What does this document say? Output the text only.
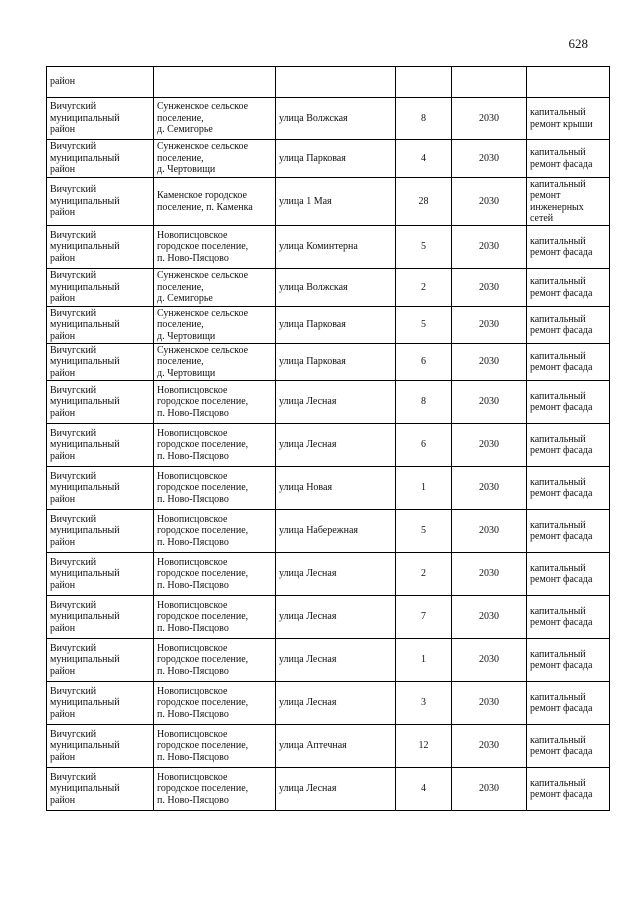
628
район					

Вичугский
муниципальный
район	Сунженское сельское
поселение,
д. Семигорье	улица Волжская	8	2030	капитальный
ремонт крыши

Вичугский
муниципальный
район	Сунженское сельское
поселение,
д. Чертовищи	улица Парковая	4	2030	капитальный
ремонт фасада

Вичугский
муниципальный
район	Каменское городское
поселение, п. Каменка	улица 1 Мая	28	2030	капитальный
ремонт
инженерных
сетей

Вичугский
муниципальный
район	Новописцовское
городское поселение,
п. Ново-Пясцово	улица Коминтерна	5	2030	капитальный
ремонт фасада

Вичугский
муниципальный
район	Сунженское сельское
поселение,
д. Семигорье	улица Волжская	2	2030	капитальный
ремонт фасада

Вичугский
муниципальный
район	Сунженское сельское
поселение,
д. Чертовищи	улица Парковая	5	2030	капитальный
ремонт фасада

Вичугский
муниципальный
район	Сунженское сельское
поселение,
д. Чертовищи	улица Парковая	6	2030	капитальный
ремонт фасада

Вичугский
муниципальный
район	Новописцовское
городское поселение,
п. Ново-Пясцово	улица Лесная	8	2030	капитальный
ремонт фасада

Вичугский
муниципальный
район	Новописцовское
городское поселение,
п. Ново-Пясцово	улица Лесная	6	2030	капитальный
ремонт фасада

Вичугский
муниципальный
район	Новописцовское
городское поселение,
п. Ново-Пясцово	улица Новая	1	2030	капитальный
ремонт фасада

Вичугский
муниципальный
район	Новописцовское
городское поселение,
п. Ново-Пясцово	улица Набережная	5	2030	капитальный
ремонт фасада

Вичугский
муниципальный
район	Новописцовское
городское поселение,
п. Ново-Пясцово	улица Лесная	2	2030	капитальный
ремонт фасада

Вичугский
муниципальный
район	Новописцовское
городское поселение,
п. Ново-Пясцово	улица Лесная	7	2030	капитальный
ремонт фасада

Вичугский
муниципальный
район	Новописцовское
городское поселение,
п. Ново-Пясцово	улица Лесная	1	2030	капитальный
ремонт фасада

Вичугский
муниципальный
район	Новописцовское
городское поселение,
п. Ново-Пясцово	улица Лесная	3	2030	капитальный
ремонт фасада

Вичугский
муниципальный
район	Новописцовское
городское поселение,
п. Ново-Пясцово	улица Аптечная	12	2030	капитальный
ремонт фасада

Вичугский
муниципальный
район	Новописцовское
городское поселение,
п. Ново-Пясцово	улица Лесная	4	2030	капитальный
ремонт фасада
